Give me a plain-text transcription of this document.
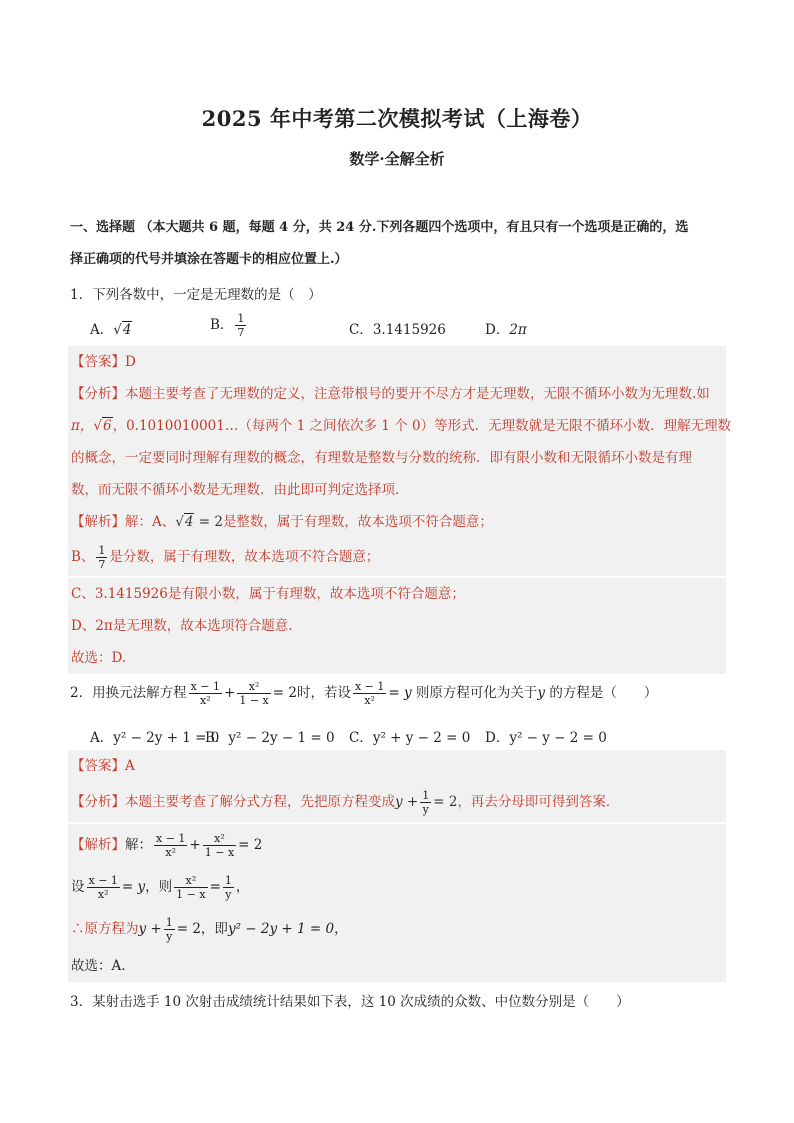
2025 年中考第二次模拟考试（上海卷）
数学·全解全析
一、选择题 （本大题共 6 题，每题 4 分，共 24 分.下列各题四个选项中，有且只有一个选项是正确的，选
择正确项的代号并填涂在答题卡的相应位置上.）
1．下列各数中，一定是无理数的是（　）
A．√4	B． $\frac{1}{7}$	C．3.1415926	D．2π
【答案】D
【分析】本题主要考查了无理数的定义，注意带根号的要开不尽方才是无理数，无限不循环小数为无理数.如
π，√6，0.1010010001…（每两个 1 之间依次多 1 个 0）等形式．无理数就是无限不循环小数．理解无理数
的概念，一定要同时理解有理数的概念，有理数是整数与分数的统称．即有限小数和无限循环小数是有理
数，而无限不循环小数是无理数．由此即可判定选择项．
【解析】解：A、√4 = 2是整数，属于有理数，故本选项不符合题意；
B、 $\frac{1}{7}$ 是分数，属于有理数，故本选项不符合题意；
C、3.1415926是有限小数，属于有理数，故本选项不符合题意；
D、2π是无理数，故本选项符合题意.
故选：D.
2．用换元法解方程 $\frac{x - 1}{\text{x²}} + \frac{\text{x²}}{1 - x} = 2$时，若设 $\frac{x - 1}{\text{x²}} = y$ 则原方程可化为关于y 的方程是（　　）
A．y² − 2y + 1 = 0
B．y² − 2y − 1 = 0 C．y² + y − 2 = 0 D．y² − y − 2 = 0
【答案】A
【分析】本题主要考查了解分式方程，先把原方程变成$y + \frac{1}{y} = 2$，再去分母即可得到答案．
【解析】解： $\frac{x - 1}{\text{x²}} + \frac{\text{x²}}{1 - x} = 2$
设 $\frac{x - 1}{\text{x²}} = y$，则 $\frac{\text{x²}}{1 - x} = \frac{1}{y}$ ，
∴原方程为$y + \frac{1}{y} = 2$，即y² − 2y + 1 = 0，
故选：A.
3．某射击选手 10 次射击成绩统计结果如下表，这 10 次成绩的众数、中位数分别是（　　）
